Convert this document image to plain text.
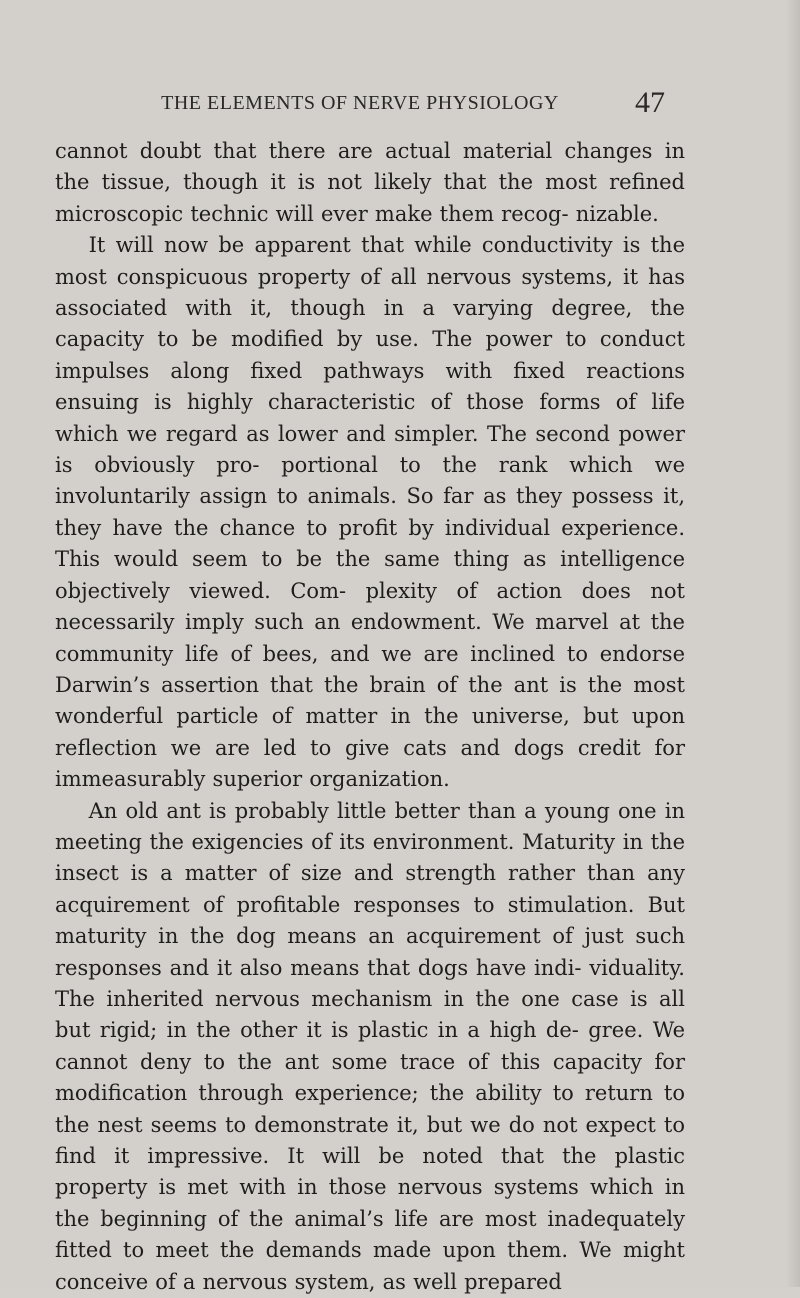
THE ELEMENTS OF NERVE PHYSIOLOGY	47

cannot doubt that there are actual material changes in the tissue, though it is not likely that the most refined microscopic technic will ever make them recog- nizable.

It will now be apparent that while conductivity is the most conspicuous property of all nervous systems, it has associated with it, though in a varying degree, the capacity to be modified by use. The power to conduct impulses along fixed pathways with fixed reactions ensuing is highly characteristic of those forms of life which we regard as lower and simpler. The second power is obviously pro- portional to the rank which we involuntarily assign to animals. So far as they possess it, they have the chance to profit by individual experience. This would seem to be the same thing as intelligence objectively viewed. Com- plexity of action does not necessarily imply such an endowment. We marvel at the community life of bees, and we are inclined to endorse Darwin’s assertion that the brain of the ant is the most wonderful particle of matter in the universe, but upon reflection we are led to give cats and dogs credit for immeasurably superior organization.

An old ant is probably little better than a young one in meeting the exigencies of its environment. Maturity in the insect is a matter of size and strength rather than any acquirement of profitable responses to stimulation. But maturity in the dog means an acquirement of just such responses and it also means that dogs have indi- viduality. The inherited nervous mechanism in the one case is all but rigid; in the other it is plastic in a high de- gree. We cannot deny to the ant some trace of this capacity for modification through experience; the ability to return to the nest seems to demonstrate it, but we do not expect to find it impressive. It will be noted that the plastic property is met with in those nervous systems which in the beginning of the animal’s life are most inadequately fitted to meet the demands made upon them. We might conceive of a nervous system, as well prepared
